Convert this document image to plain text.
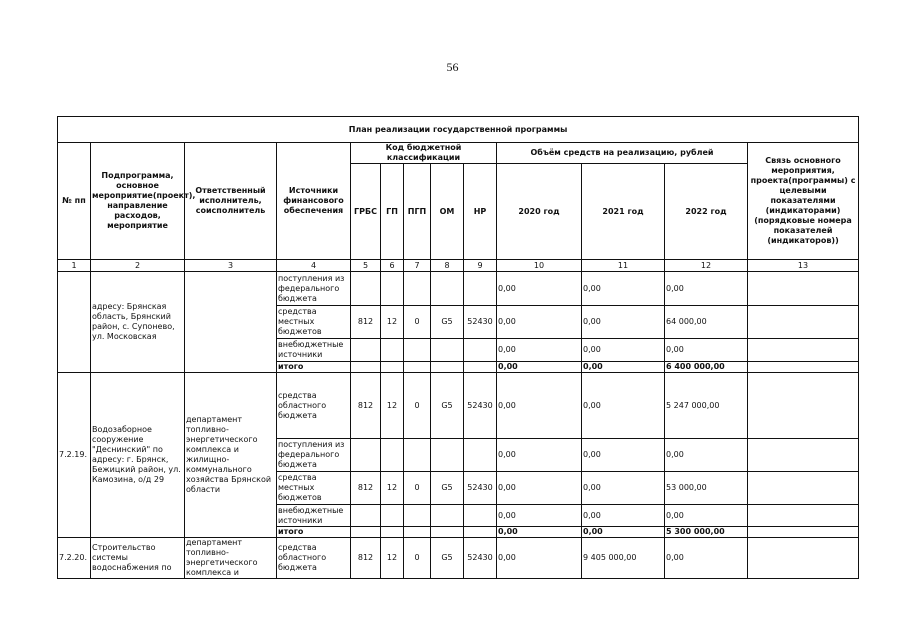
56
План реализации государственной программы												
№ пп	Подпрограмма, основное мероприятие(проект), направление расходов, мероприятие	Ответственный исполнитель, соисполнитель	Источники финансового обеспечения	Код бюджетной классификации					Объём средств на реализацию, рублей			Связь основного мероприятия, проекта(программы) с целевыми показателями (индикаторами) (порядковые номера показателей (индикаторов))
				ГРБС	ГП	ПГП	ОМ	НР	2020 год	2021 год	2022 год	
1	2	3	4	5	6	7	8	9	10	11	12	13
	адресу: Брянская область, Брянский район, с. Супонево, ул. Московская		поступления из федерального бюджета						0,00	0,00	0,00	
			средства местных бюджетов	812	12	0	G5	52430	0,00	0,00	64 000,00	
			внебюджетные источники						0,00	0,00	0,00	
			итого						0,00	0,00	6 400 000,00	
7.2.19.	Водозаборное сооружение "Деснинский" по адресу: г. Брянск, Бежицкий район, ул. Камозина, о/д 29	департамент топливно-энергетического комплекса и жилищно-коммунального хозяйства Брянской области	средства областного бюджета	812	12	0	G5	52430	0,00	0,00	5 247 000,00	
			поступления из федерального бюджета						0,00	0,00	0,00	
			средства местных бюджетов	812	12	0	G5	52430	0,00	0,00	53 000,00	
			внебюджетные источники						0,00	0,00	0,00	
			итого						0,00	0,00	5 300 000,00	
7.2.20.	Строительство системы водоснабжения по	департамент топливно-энергетического комплекса и	средства областного бюджета	812	12	0	G5	52430	0,00	9 405 000,00	0,00	
